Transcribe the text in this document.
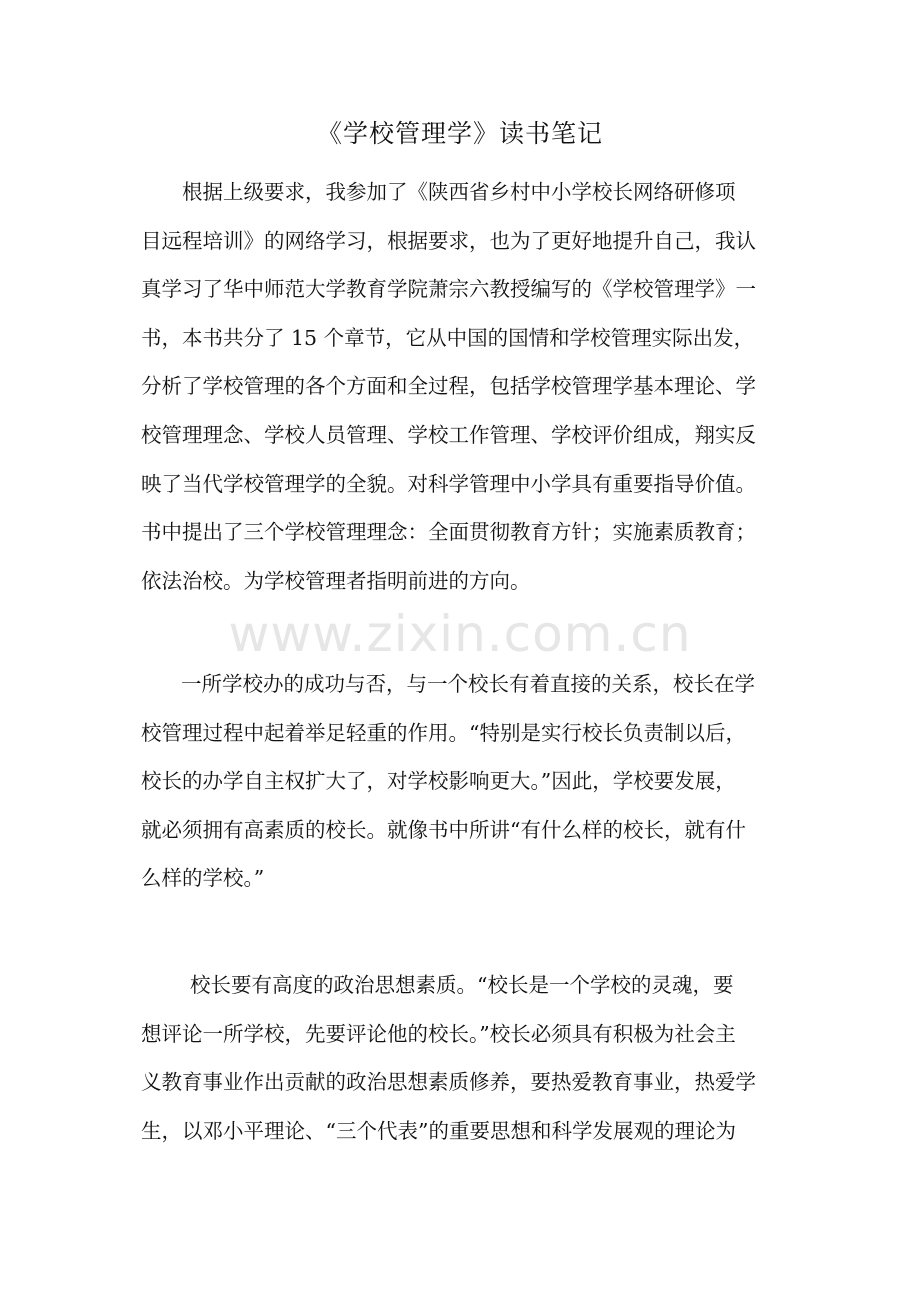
《学校管理学》读书笔记
根据上级要求，我参加了《陕西省乡村中小学校长网络研修项
目远程培训》的网络学习，根据要求，也为了更好地提升自己，我认
真学习了华中师范大学教育学院萧宗六教授编写的《学校管理学》一
书，本书共分了 15 个章节，它从中国的国情和学校管理实际出发，
分析了学校管理的各个方面和全过程，包括学校管理学基本理论、学
校管理理念、学校人员管理、学校工作管理、学校评价组成，翔实反
映了当代学校管理学的全貌。对科学管理中小学具有重要指导价值。
书中提出了三个学校管理理念：全面贯彻教育方针；实施素质教育；
依法治校。为学校管理者指明前进的方向。
www.zixin.com.cn
一所学校办的成功与否，与一个校长有着直接的关系，校长在学
校管理过程中起着举足轻重的作用。“特别是实行校长负责制以后，
校长的办学自主权扩大了，对学校影响更大。”因此，学校要发展，
就必须拥有高素质的校长。就像书中所讲“有什么样的校长，就有什
么样的学校。”
校长要有高度的政治思想素质。“校长是一个学校的灵魂，要
想评论一所学校，先要评论他的校长。”校长必须具有积极为社会主
义教育事业作出贡献的政治思想素质修养，要热爱教育事业，热爱学
生，以邓小平理论、“三个代表”的重要思想和科学发展观的理论为
